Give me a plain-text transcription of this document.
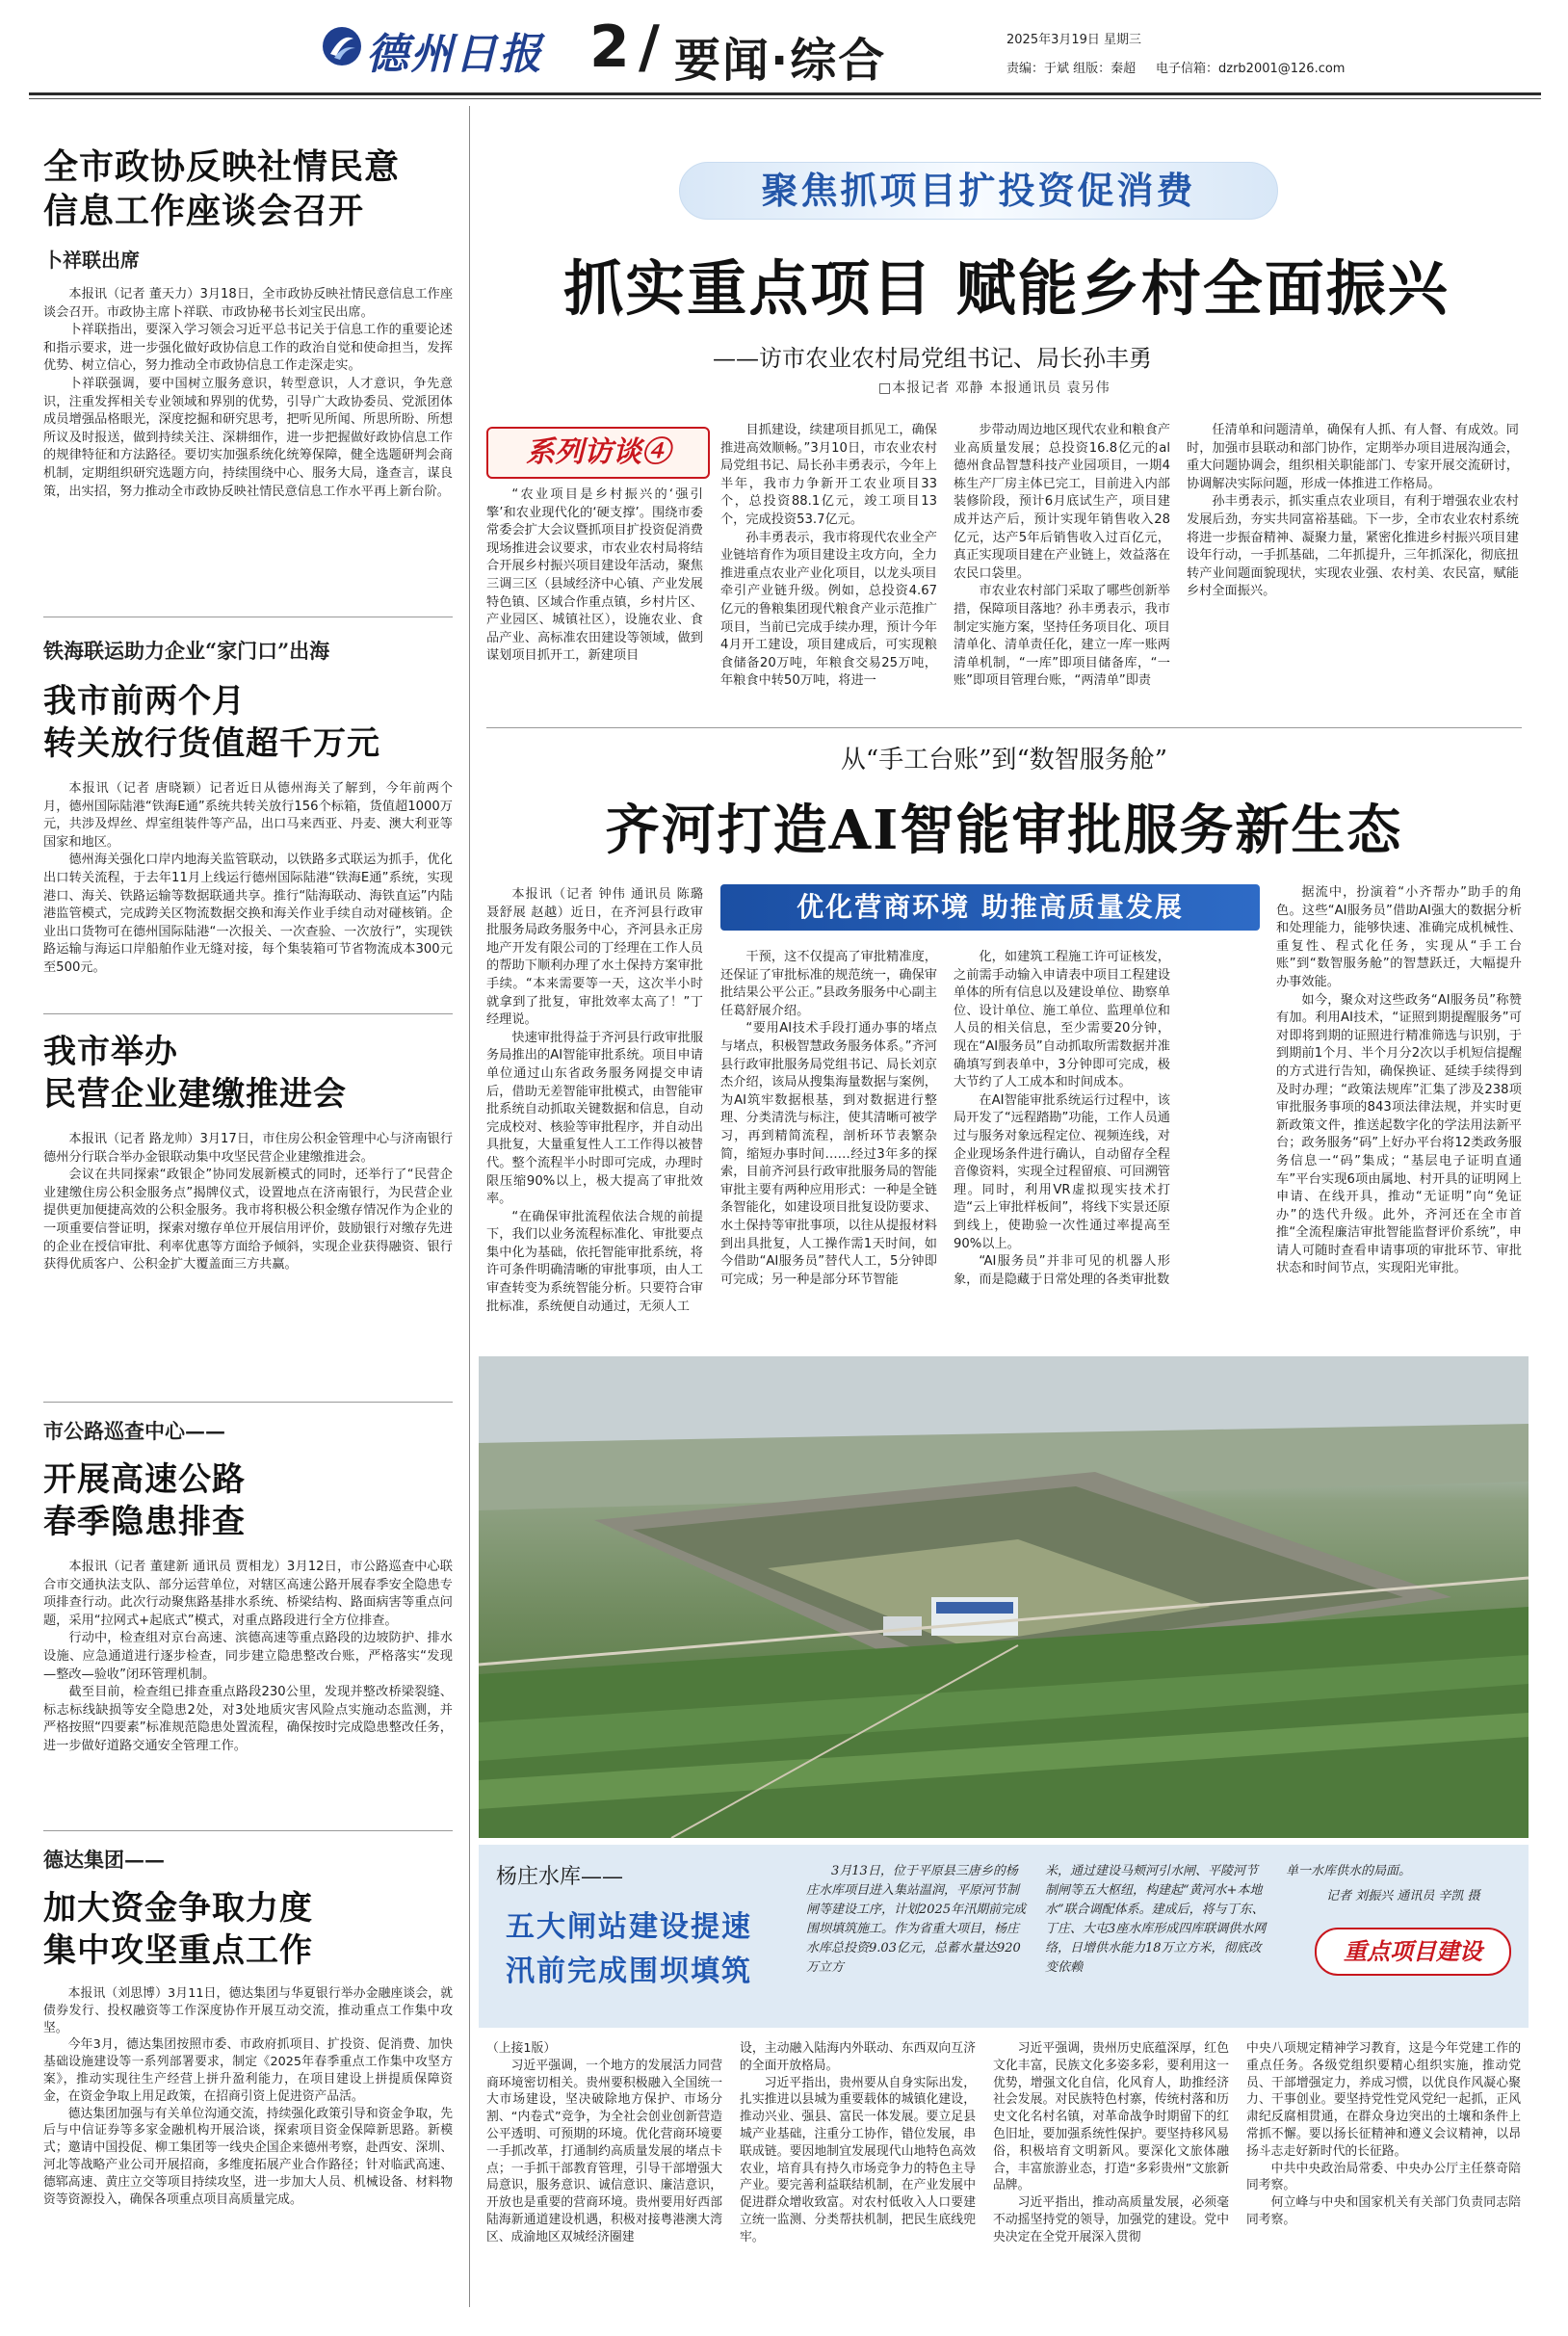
德州日报 2 / 要闻·综合	2025年3月19日 星期三
责编：于斌 组版：秦超 电子信箱：dzrb2001@126.com
全市政协反映社情民意
信息工作座谈会召开
卜祥联出席

本报讯（记者 董天力）3月18日，全市政协反映社情民意信息工作座谈会召开。市政协主席卜祥联、市政协秘书长刘宝民出席。

卜祥联指出，要深入学习领会习近平总书记关于信息工作的重要论述和指示要求，进一步强化做好政协信息工作的政治自觉和使命担当，发挥优势、树立信心，努力推动全市政协信息工作走深走实。

卜祥联强调，要中国树立服务意识，转型意识，人才意识，争先意识，注重发挥相关专业领域和界别的优势，引导广大政协委员、党派团体成员增强品格眼光，深度挖掘和研究思考，把听见所闻、所思所盼、所想所议及时报送，做到持续关注、深耕细作，进一步把握做好政协信息工作的规律特征和方法路径。要切实加强系统化统筹保障，健全选题研判会商机制，定期组织研究选题方向，持续围绕中心、服务大局，逢查言，谋良策，出实招，努力推动全市政协反映社情民意信息工作水平再上新台阶。

铁海联运助力企业“家门口”出海
我市前两个月
转关放行货值超千万元

本报讯（记者 唐晓颖）记者近日从德州海关了解到，今年前两个月，德州国际陆港“铁海E通”系统共转关放行156个标箱，货值超1000万元，共涉及焊丝、焊室组装件等产品，出口马来西亚、丹麦、澳大利亚等国家和地区。

德州海关强化口岸内地海关监管联动，以铁路多式联运为抓手，优化出口转关流程，于去年11月上线运行德州国际陆港“铁海E通”系统，实现港口、海关、铁路运输等数据联通共享。推行“陆海联动、海铁直运”内陆港监管模式，完成跨关区物流数据交换和海关作业手续自动对碰核销。企业出口货物可在德州国际陆港“一次报关、一次查验、一次放行”，实现铁路运输与海运口岸船舶作业无缝对接，每个集装箱可节省物流成本300元至500元。

我市举办
民营企业建缴推进会

本报讯（记者 路龙帅）3月17日，市住房公积金管理中心与济南银行德州分行联合举办金银联动集中攻坚民营企业建缴推进会。

会议在共同探索“政银企”协同发展新模式的同时，还举行了“民营企业建缴住房公积金服务点”揭牌仪式，设置地点在济南银行，为民营企业提供更加便捷高效的公积金服务。我市将积极公积金缴存情况作为企业的一项重要信誉证明，探索对缴存单位开展信用评价，鼓励银行对缴存先进的企业在授信审批、利率优惠等方面给予倾斜，实现企业获得融资、银行获得优质客户、公积金扩大覆盖面三方共赢。

市公路巡查中心——
开展高速公路
春季隐患排查

本报讯（记者 董建新 通讯员 贾相龙）3月12日，市公路巡查中心联合市交通执法支队、部分运营单位，对辖区高速公路开展春季安全隐患专项排查行动。此次行动聚焦路基排水系统、桥梁结构、路面病害等重点问题，采用“拉网式+起底式”模式，对重点路段进行全方位排查。

行动中，检查组对京台高速、滨德高速等重点路段的边坡防护、排水设施、应急通道进行逐步检查，同步建立隐患整改台账，严格落实“发现—整改—验收”闭环管理机制。

截至目前，检查组已排查重点路段230公里，发现并整改桥梁裂缝、标志标线缺损等安全隐患2处，对3处地质灾害风险点实施动态监测，并严格按照“四要素”标准规范隐患处置流程，确保按时完成隐患整改任务，进一步做好道路交通安全管理工作。

德达集团——
加大资金争取力度
集中攻坚重点工作

本报讯（刘思博）3月11日，德达集团与华夏银行举办金融座谈会，就债券发行、投权融资等工作深度协作开展互动交流，推动重点工作集中攻坚。

今年3月，德达集团按照市委、市政府抓项目、扩投资、促消费、加快基础设施建设等一系列部署要求，制定《2025年春季重点工作集中攻坚方案》，推动实现往生产经营上拼升盈利能力，在项目建设上拼提质保障资金，在资金争取上用足政策，在招商引资上促进资产品活。

德达集团加强与有关单位沟通交流，持续强化政策引导和资金争取，先后与中信证券等多家金融机构开展洽谈，探索项目资金保障新思路。新模式；邀请中国投促、柳工集团等一线央企国企来德州考察，赴西安、深圳、河北等战略产业公司开展招商，多维度拓展产业合作路径；针对临武高速、德郓高速、黄庄立交等项目持续攻坚，进一步加大人员、机械设备、材料物资等资源投入，确保各项重点项目高质量完成。

聚焦抓项目扩投资促消费
抓实重点项目 赋能乡村全面振兴
——访市农业农村局党组书记、局长孙丰勇
□本报记者 邓静 本报通讯员 袁另伟
系列访谈④

“农业项目是乡村振兴的‘强引擎’和农业现代化的‘硬支撑’。围绕市委常委会扩大会议暨抓项目扩投资促消费现场推进会议要求，市农业农村局将结合开展乡村振兴项目建设年活动，聚焦三调三区（县域经济中心镇、产业发展特色镇、区域合作重点镇，乡村片区、产业园区、城镇社区），设施农业、食品产业、高标准农田建设等领域，做到谋划项目抓开工，新建项目

目抓建设，续建项目抓见工，确保推进高效顺畅。”3月10日，市农业农村局党组书记、局长孙丰勇表示，今年上半年，我市力争新开工农业项目33个，总投资88.1亿元，竣工项目13个，完成投资53.7亿元。

孙丰勇表示，我市将现代农业全产业链培育作为项目建设主攻方向，全力推进重点农业产业化项目，以龙头项目牵引产业链升级。例如，总投资4.67亿元的鲁粮集团现代粮食产业示范推广项目，当前已完成手续办理，预计今年4月开工建设，项目建成后，可实现粮食储备20万吨，年粮食交易25万吨，年粮食中转50万吨，将进一

步带动周边地区现代农业和粮食产业高质量发展；总投资16.8亿元的al德州食品智慧科技产业园项目，一期4栋生产厂房主体已完工，目前进入内部装修阶段，预计6月底试生产，项目建成并达产后，预计实现年销售收入28亿元，达产5年后销售收入过百亿元，真正实现项目建在产业链上，效益落在农民口袋里。

市农业农村部门采取了哪些创新举措，保障项目落地？孙丰勇表示，我市制定实施方案，坚持任务项目化、项目清单化、清单责任化，建立一库一账两清单机制，“一库”即项目储备库，“一账”即项目管理台账，“两清单”即责

任清单和问题清单，确保有人抓、有人督、有成效。同时，加强市县联动和部门协作，定期举办项目进展沟通会，重大问题协调会，组织相关职能部门、专家开展交流研讨，协调解决实际问题，形成一体推进工作格局。

孙丰勇表示，抓实重点农业项目，有利于增强农业农村发展后劲，夯实共同富裕基础。下一步，全市农业农村系统将进一步振奋精神、凝聚力量，紧密化推进乡村振兴项目建设年行动，一手抓基础，二年抓提升，三年抓深化，彻底扭转产业间题面貌现状，实现农业强、农村美、农民富，赋能乡村全面振兴。

从“手工台账”到“数智服务舱”
齐河打造AI智能审批服务新生态

本报讯（记者 钟伟 通讯员 陈璐 聂舒展 赵越）近日，在齐河县行政审批服务局政务服务中心，齐河县永正房地产开发有限公司的丁经理在工作人员的帮助下顺利办理了水土保持方案审批手续。“本来需要等一天，这次半小时就拿到了批复，审批效率太高了！”丁经理说。

快速审批得益于齐河县行政审批服务局推出的AI智能审批系统。项目申请单位通过山东省政务服务网提交申请后，借助无差智能审批模式，由智能审批系统自动抓取关键数据和信息，自动完成校对、核验等审批程序，并自动出具批复，大量重复性人工工作得以被替代。整个流程半小时即可完成，办理时限压缩90%以上，极大提高了审批效率。

“在确保审批流程依法合规的前提下，我们以业务流程标准化、审批要点集中化为基础，依托智能审批系统，将许可条件明确清晰的审批事项，由人工审查转变为系统智能分析。只要符合审批标准，系统便自动通过，无须人工

优化营商环境 助推高质量发展

干预，这不仅提高了审批精准度，还保证了审批标准的规范统一，确保审批结果公平公正。”县政务服务中心副主任葛舒展介绍。

“要用AI技术手段打通办事的堵点与堵点，积极智慧政务服务体系。”齐河县行政审批服务局党组书记、局长刘京杰介绍，该局从搜集海量数据与案例，为AI筑牢数据根基，到对数据进行整理、分类清洗与标注，使其清晰可被学习，再到精简流程，剖析环节表繁杂简，缩短办事时间……经过3年多的探索，目前齐河县行政审批服务局的智能审批主要有两种应用形式：一种是全链条智能化，如建设项目批复设防要求、水土保持等审批事项，以往从提报材料到出具批复，人工操作需1天时间，如今借助“AI服务员”替代人工，5分钟即可完成；另一种是部分环节智能

化，如建筑工程施工许可证核发，之前需手动输入申请表中项目工程建设单体的所有信息以及建设单位、勘察单位、设计单位、施工单位、监理单位和人员的相关信息，至少需要20分钟，现在“AI服务员”自动抓取所需数据并准确填写到表单中，3分钟即可完成，极大节约了人工成本和时间成本。

在AI智能审批系统运行过程中，该局开发了“远程踏勘”功能，工作人员通过与服务对象远程定位、视频连线，对企业现场条件进行确认，自动留存全程音像资料，实现全过程留痕、可回溯管理。同时，利用VR虚拟现实技术打造“云上审批样板间”，将线下实景还原到线上，使勘验一次性通过率提高至90%以上。

“AI服务员”并非可见的机器人形象，而是隐藏于日常处理的各类审批数

据流中，扮演着“小齐帮办”助手的角色。这些“AI服务员”借助AI强大的数据分析和处理能力，能够快速、准确完成机械性、重复性、程式化任务，实现从“手工台账”到“数智服务舱”的智慧跃迁，大幅提升办事效能。

如今，聚众对这些政务“AI服务员”称赞有加。利用AI技术，“证照到期提醒服务”可对即将到期的证照进行精准筛选与识别，于到期前1个月、半个月分2次以手机短信提醒的方式进行告知，确保换证、延续手续得到及时办理；“政策法规库”汇集了涉及238项审批服务事项的843项法律法规，并实时更新政策文件，推送起数字化的学法用法新平台；政务服务“码”上好办平台将12类政务服务信息一“码”集成；“基层电子证明直通车”平台实现6项由属地、村开具的证明网上申请、在线开具，推动“无证明”向“免证办”的迭代升级。此外，齐河还在全市首推“全流程廉洁审批智能监督评价系统”，申请人可随时查看申请事项的审批环节、审批状态和时间节点，实现阳光审批。

杨庄水库——
五大闸站建设提速
汛前完成围坝填筑
3月13日，位于平原县三唐乡的杨庄水库项目进入集站温润，平原河节制闸等建设工序，计划2025年汛期前完成围坝填筑施工。作为省重大项目，杨庄水库总投资9.03亿元，总蓄水量达920万立方
米，通过建设马颊河引水闸、平陵河节制闸等五大枢纽，构建起“黄河水+本地水”联合调配体系。建成后，将与丁东、丁庄、大屯3座水库形成四库联调供水网络，日增供水能力18万立方米，彻底改变依赖
单一水库供水的局面。
记者 刘振兴 通讯员 辛凯 摄
重点项目建设

（上接1版）

习近平强调，一个地方的发展活力同营商环境密切相关。贵州要积极融入全国统一大市场建设，坚决破除地方保护、市场分割、“内卷式”竞争，为全社会创业创新营造公平透明、可预期的环境。优化营商环境要一手抓改革，打通制约高质量发展的堵点卡点；一手抓干部教育管理，引导干部增强大局意识，服务意识、诚信意识、廉洁意识，开放也是重要的营商环境。贵州要用好西部陆海新通道建设机遇，积极对接粤港澳大湾区、成渝地区双城经济圈建

设，主动融入陆海内外联动、东西双向互济的全面开放格局。

习近平指出，贵州要从自身实际出发，扎实推进以县城为重要载体的城镇化建设，推动兴业、强县、富民一体发展。要立足县城产业基础，注重分工协作，错位发展，串联成链。要因地制宜发展现代山地特色高效农业，培育具有持久市场竞争力的特色主导产业。要完善利益联结机制，在产业发展中促进群众增收致富。对农村低收入人口要建立统一监测、分类帮扶机制，把民生底线兜牢。

习近平强调，贵州历史底蕴深厚，红色文化丰富，民族文化多姿多彩，要利用这一优势，增强文化自信，化风育人，助推经济社会发展。对民族特色村寨，传统村落和历史文化名村名镇，对革命战争时期留下的红色旧址，要加强系统性保护。要坚持移风易俗，积极培育文明新风。要深化文旅体融合，丰富旅游业态，打造“多彩贵州”文旅新品牌。

习近平指出，推动高质量发展，必须毫不动摇坚持党的领导，加强党的建设。党中央决定在全党开展深入贯彻

中央八项规定精神学习教育，这是今年党建工作的重点任务。各级党组织要精心组织实施，推动党员、干部增强定力，养成习惯，以优良作风凝心聚力、干事创业。要坚持党性党风党纪一起抓，正风肃纪反腐相贯通，在群众身边突出的土壤和条件上常抓不懈。要以扬长征精神和遵义会议精神，以昂扬斗志走好新时代的长征路。

中共中央政治局常委、中央办公厅主任蔡奇陪同考察。

何立峰与中央和国家机关有关部门负责同志陪同考察。
